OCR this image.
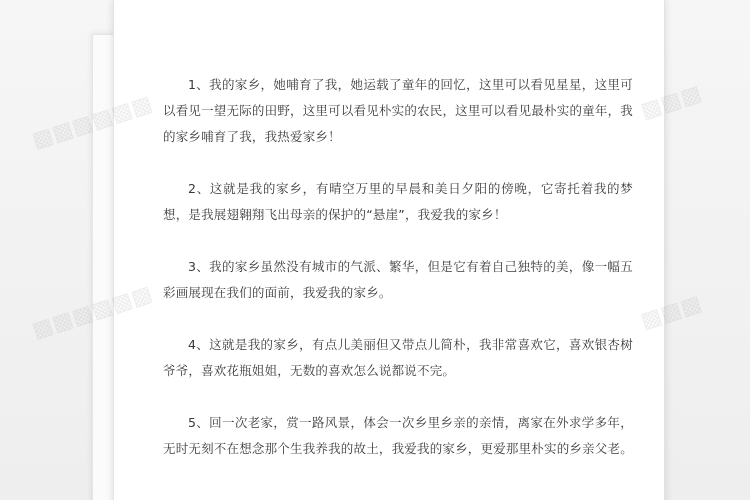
1、我的家乡，她哺育了我，她运载了童年的回忆，这里可以看见星星，这里可以看见一望无际的田野，这里可以看见朴实的农民，这里可以看见最朴实的童年，我的家乡哺育了我，我热爱家乡！

2、这就是我的家乡，有晴空万里的早晨和美日夕阳的傍晚，它寄托着我的梦想，是我展翅翱翔飞出母亲的保护的“悬崖”，我爱我的家乡！

3、我的家乡虽然没有城市的气派、繁华，但是它有着自己独特的美，像一幅五彩画展现在我们的面前，我爱我的家乡。

4、这就是我的家乡，有点儿美丽但又带点儿简朴，我非常喜欢它，喜欢银杏树爷爷，喜欢花瓶姐姐，无数的喜欢怎么说都说不完。

5、回一次老家，赏一路风景，体会一次乡里乡亲的亲情，离家在外求学多年，无时无刻不在想念那个生我养我的故土，我爱我的家乡，更爱那里朴实的乡亲父老。

▩▩▩
▩▩▩
